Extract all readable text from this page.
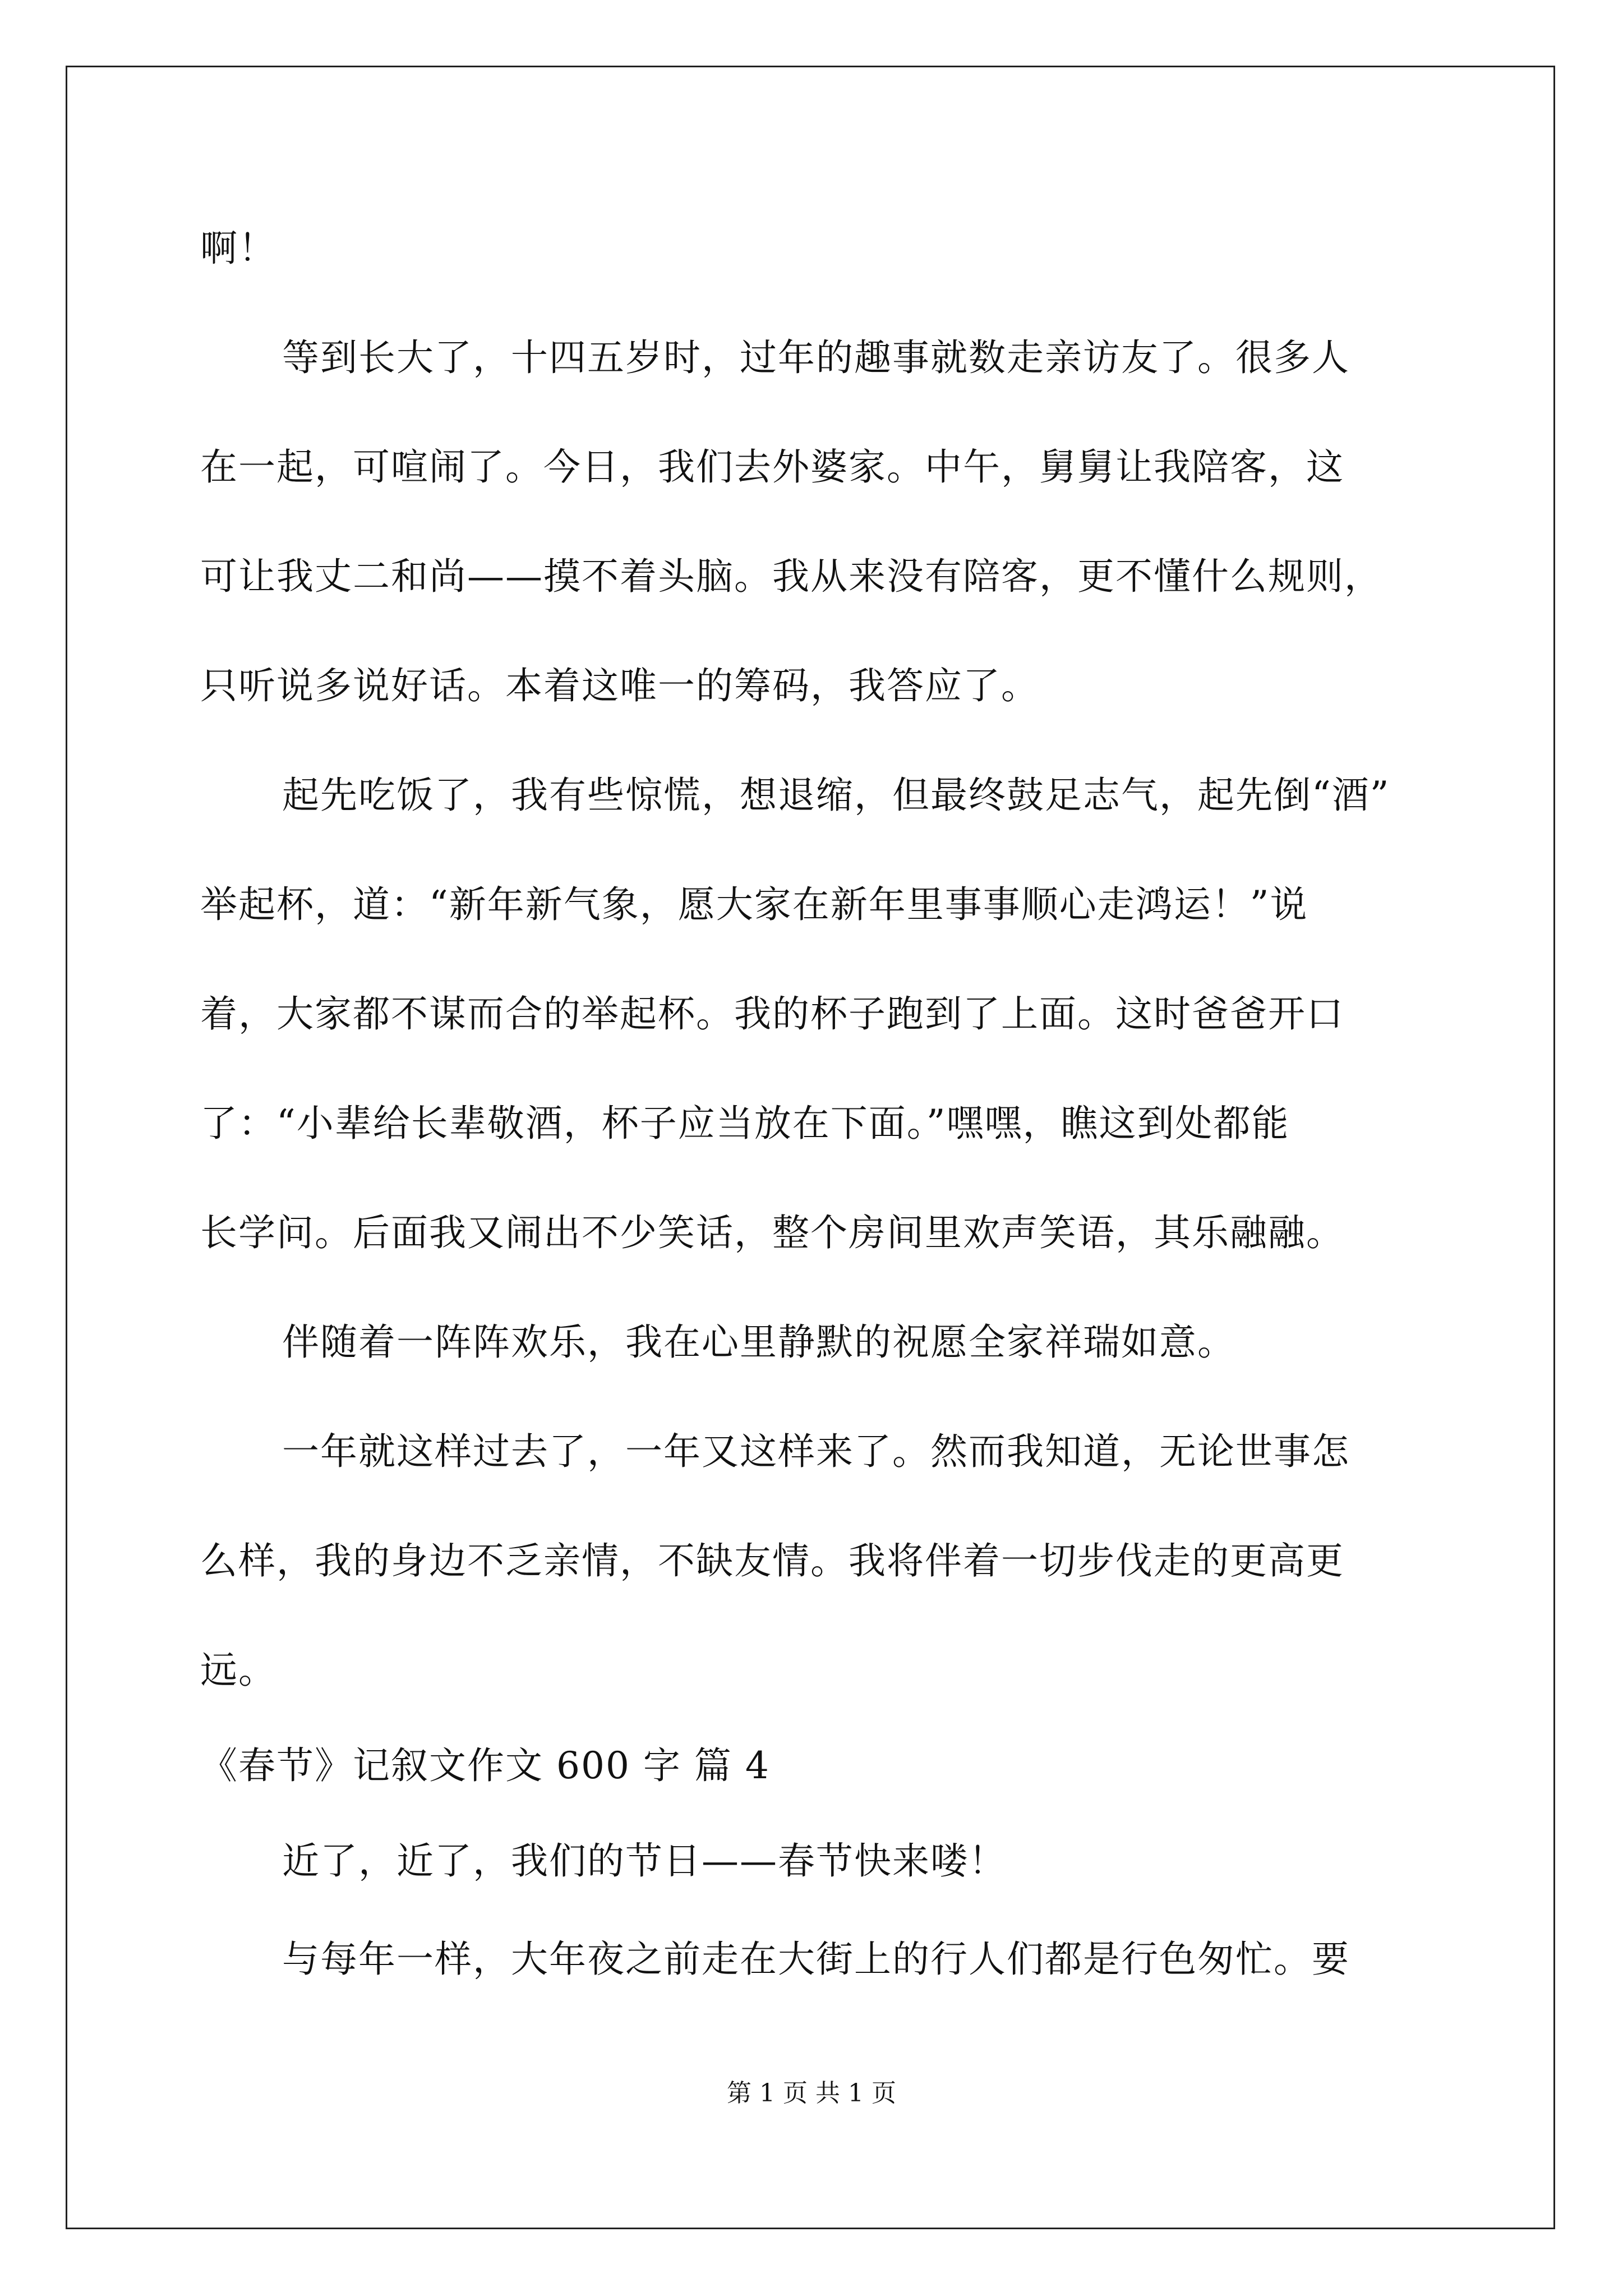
啊！
等到长大了，十四五岁时，过年的趣事就数走亲访友了。很多人
在一起，可喧闹了。今日，我们去外婆家。中午，舅舅让我陪客，这
可让我丈二和尚——摸不着头脑。我从来没有陪客，更不懂什么规则，
只听说多说好话。本着这唯一的筹码，我答应了。
起先吃饭了，我有些惊慌，想退缩，但最终鼓足志气，起先倒“酒”
举起杯，道：“新年新气象，愿大家在新年里事事顺心走鸿运！”说
着，大家都不谋而合的举起杯。我的杯子跑到了上面。这时爸爸开口
了：“小辈给长辈敬酒，杯子应当放在下面。”嘿嘿，瞧这到处都能
长学问。后面我又闹出不少笑话，整个房间里欢声笑语，其乐融融。
伴随着一阵阵欢乐，我在心里静默的祝愿全家祥瑞如意。
一年就这样过去了，一年又这样来了。然而我知道，无论世事怎
么样，我的身边不乏亲情，不缺友情。我将伴着一切步伐走的更高更
远。
《春节》记叙文作文 600 字 篇 4
近了，近了，我们的节日——春节快来喽！
与每年一样，大年夜之前走在大街上的行人们都是行色匆忙。要
第 1 页 共 1 页
